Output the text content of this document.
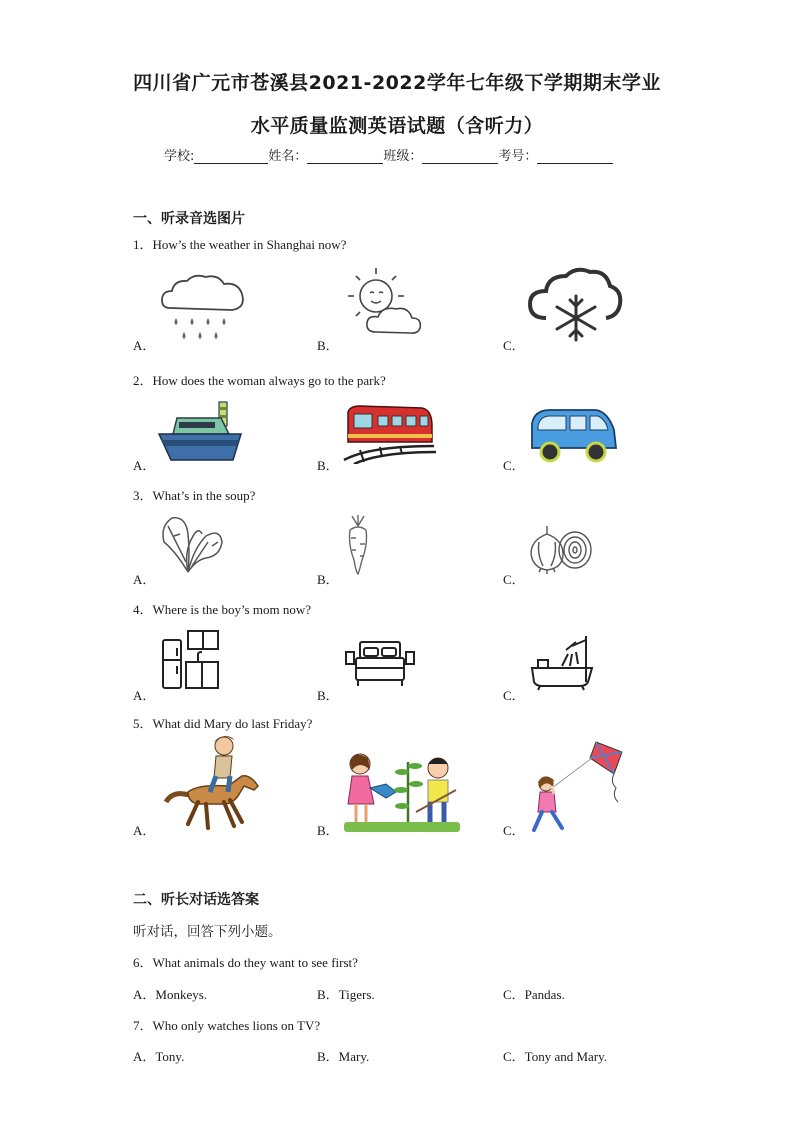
四川省广元市苍溪县2021-2022学年七年级下学期期末学业
水平质量监测英语试题（含听力）
学校:	姓名：	班级：	考号：
一、听录音选图片
1．How’s the weather in Shanghai now?
A．	B．	C．
2．How does the woman always go to the park?
A．	B．	C．
3．What’s in the soup?
A．	B．	C．
4．Where is the boy’s mom now?
A．	B．	C．
5．What did Mary do last Friday?
A．	B．	C．
二、听长对话选答案
听对话，回答下列小题。
6．What animals do they want to see first?
A．Monkeys.	B．Tigers.	C．Pandas.
7．Who only watches lions on TV?
A．Tony.	B．Mary.	C．Tony and Mary.
